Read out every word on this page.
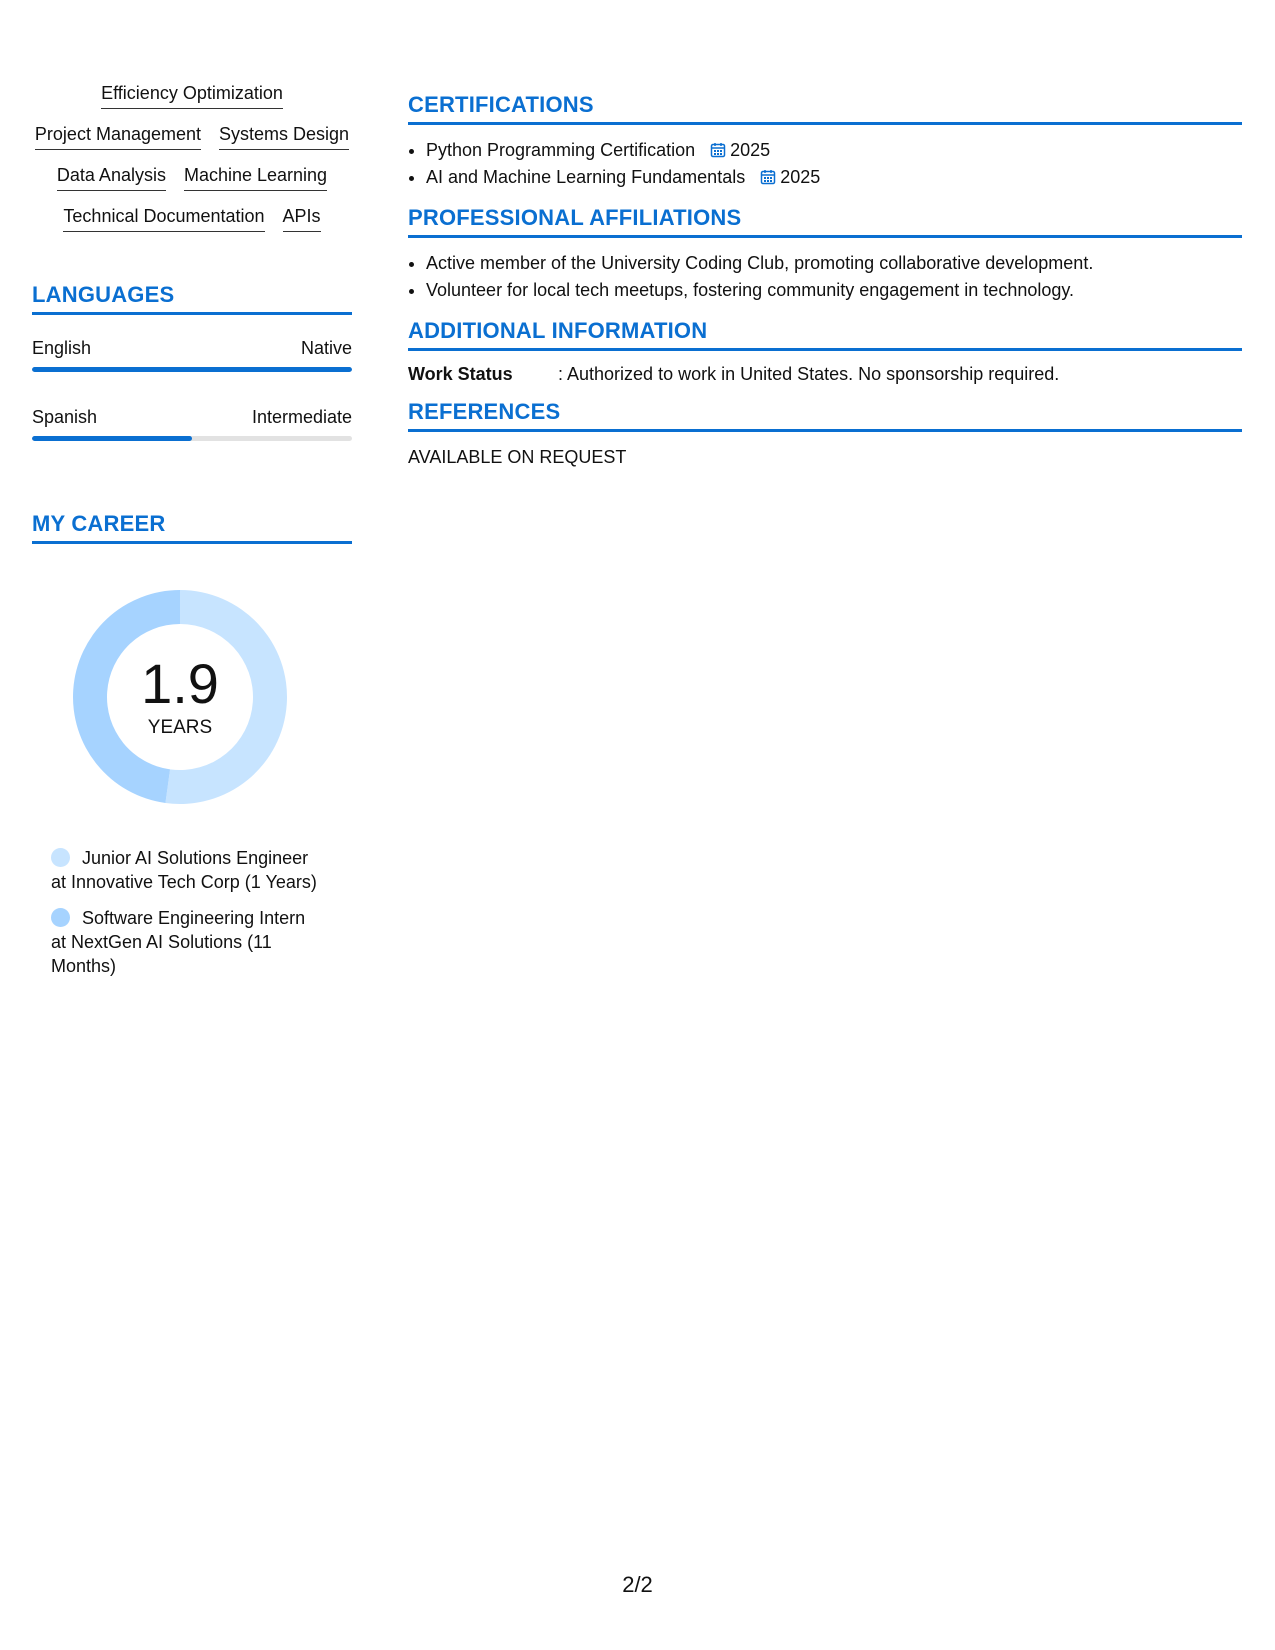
Efficiency Optimization
Project Management Systems Design
Data Analysis Machine Learning
Technical Documentation APIs
LANGUAGES
English	Native
Spanish	Intermediate
MY CAREER
1.9
YEARS
Junior AI Solutions Engineer at Innovative Tech Corp (1 Years)
Software Engineering Intern at NextGen AI Solutions (11 Months)
CERTIFICATIONS
• Python Programming Certification 2025
• AI and Machine Learning Fundamentals 2025
PROFESSIONAL AFFILIATIONS
• Active member of the University Coding Club, promoting collaborative development.
• Volunteer for local tech meetups, fostering community engagement in technology.
ADDITIONAL INFORMATION
Work Status	: Authorized to work in United States. No sponsorship required.
REFERENCES
AVAILABLE ON REQUEST
2/2
